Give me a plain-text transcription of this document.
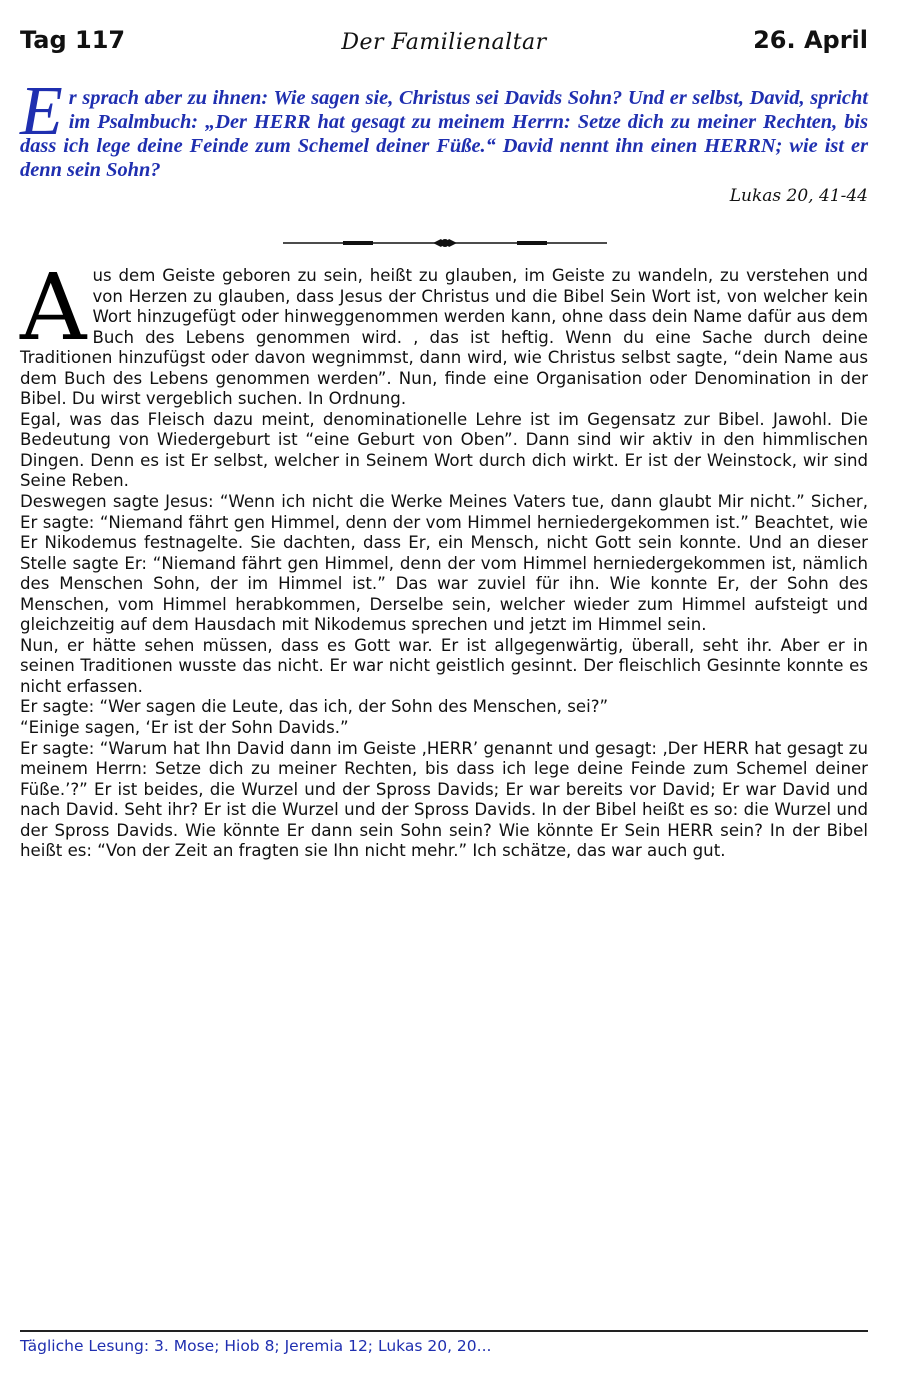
Tag 117	Der Familienaltar	26. April

Er sprach aber zu ihnen: Wie sagen sie, Christus sei Davids Sohn? Und er selbst, David, spricht im Psalmbuch: „Der HERR hat gesagt zu meinem Herrn: Setze dich zu meiner Rechten, bis dass ich lege deine Feinde zum Schemel deiner Füße.“ David nennt ihn einen HERRN; wie ist er denn sein Sohn?

Lukas 20, 41-44

Aus dem Geiste geboren zu sein, heißt zu glauben, im Geiste zu wandeln, zu verstehen und von Herzen zu glauben, dass Jesus der Christus und die Bibel Sein Wort ist, von welcher kein Wort hinzugefügt oder hinweggenommen werden kann, ohne dass dein Name dafür aus dem Buch des Lebens genommen wird. , das ist heftig. Wenn du eine Sache durch deine Traditionen hinzufügst oder davon wegnimmst, dann wird, wie Christus selbst sagte, “dein Name aus dem Buch des Lebens genommen werden”. Nun, finde eine Organisation oder Denomination in der Bibel. Du wirst vergeblich suchen. In Ordnung.

Egal, was das Fleisch dazu meint, denominationelle Lehre ist im Gegensatz zur Bibel. Jawohl. Die Bedeutung von Wiedergeburt ist “eine Geburt von Oben”. Dann sind wir aktiv in den himmlischen Dingen. Denn es ist Er selbst, welcher in Seinem Wort durch dich wirkt. Er ist der Weinstock, wir sind Seine Reben.

Deswegen sagte Jesus: “Wenn ich nicht die Werke Meines Vaters tue, dann glaubt Mir nicht.” Sicher, Er sagte: “Niemand fährt gen Himmel, denn der vom Himmel herniedergekommen ist.” Beachtet, wie Er Nikodemus festnagelte. Sie dachten, dass Er, ein Mensch, nicht Gott sein konnte. Und an dieser Stelle sagte Er: “Niemand fährt gen Himmel, denn der vom Himmel herniedergekommen ist, nämlich des Menschen Sohn, der im Himmel ist.” Das war zuviel für ihn. Wie konnte Er, der Sohn des Menschen, vom Himmel herabkommen, Derselbe sein, welcher wieder zum Himmel aufsteigt und gleichzeitig auf dem Hausdach mit Nikodemus sprechen und jetzt im Himmel sein.

Nun, er hätte sehen müssen, dass es Gott war. Er ist allgegenwärtig, überall, seht ihr. Aber er in seinen Traditionen wusste das nicht. Er war nicht geistlich gesinnt. Der fleischlich Gesinnte konnte es nicht erfassen.

Er sagte: “Wer sagen die Leute, das ich, der Sohn des Menschen, sei?”

“Einige sagen, ‘Er ist der Sohn Davids.”

Er sagte: “Warum hat Ihn David dann im Geiste ‚HERR’ genannt und gesagt: ‚Der HERR hat gesagt zu meinem Herrn: Setze dich zu meiner Rechten, bis dass ich lege deine Feinde zum Schemel deiner Füße.’?” Er ist beides, die Wurzel und der Spross Davids; Er war bereits vor David; Er war David und nach David. Seht ihr? Er ist die Wurzel und der Spross Davids. In der Bibel heißt es so: die Wurzel und der Spross Davids. Wie könnte Er dann sein Sohn sein? Wie könnte Er Sein HERR sein? In der Bibel heißt es: “Von der Zeit an fragten sie Ihn nicht mehr.” Ich schätze, das war auch gut.

Tägliche Lesung: 3. Mose; Hiob 8; Jeremia 12; Lukas 20, 20...
